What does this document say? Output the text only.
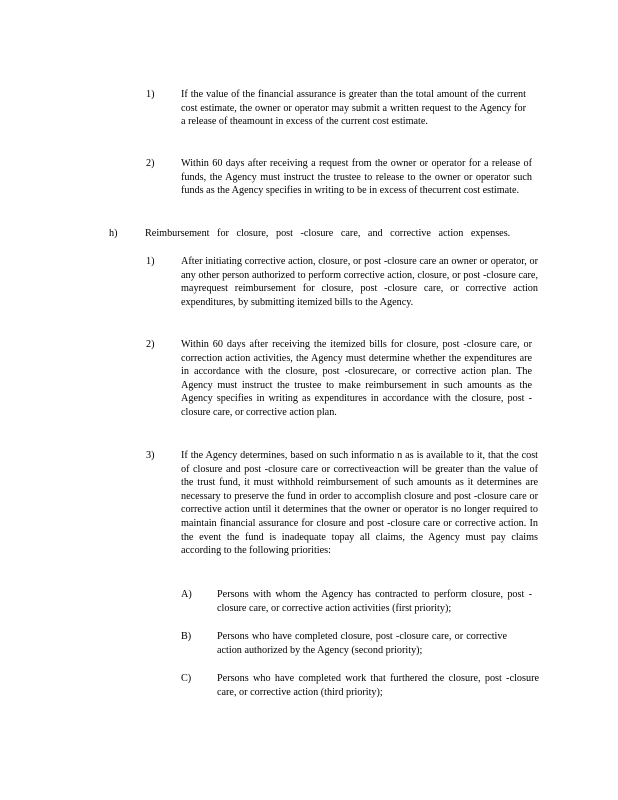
1)	If the value of the financial assurance is greater than the total amount of the current cost estimate, the owner or operator may submit a written request to the Agency for a release of theamount in excess of the current cost estimate.
2)	Within 60 days after receiving a request from the owner or operator for a release of funds, the Agency must instruct the trustee to release to the owner or operator such funds as the Agency specifies in writing to be in excess of thecurrent cost estimate.
h)	Reimbursement for closure, post -closure care, and corrective action expenses.
1)	After initiating corrective action, closure, or post -closure care an owner or operator, or any other person authorized to perform corrective action, closure, or post -closure care, mayrequest reimbursement for closure, post -closure care, or corrective action expenditures, by submitting itemized bills to the Agency.
2)	Within 60 days after receiving the itemized bills for closure, post -closure care, or correction action activities, the Agency must determine whether the expenditures are in accordance with the closure, post -closurecare, or corrective action plan. The Agency must instruct the trustee to make reimbursement in such amounts as the Agency specifies in writing as expenditures in accordance with the closure, post -closure care, or corrective action plan.
3)	If the Agency determines, based on such informatio n as is available to it, that the cost of closure and post -closure care or correctiveaction will be greater than the value of the trust fund, it must withhold reimbursement of such amounts as it determines are necessary to preserve the fund in order to accomplish closure and post -closure care or corrective action until it determines that the owner or operator is no longer required to maintain financial assurance for closure and post -closure care or corrective action. In the event the fund is inadequate topay all claims, the Agency must pay claims according to the following priorities:
A) Persons with whom the Agency has contracted to perform closure, post -closure care, or corrective action activities (first priority);
B)	Persons who have completed closure, post -closure care, or corrective action authorized by the Agency (second priority);
C)	Persons who have completed work that furthered the closure, post -closure care, or corrective action (third priority);
